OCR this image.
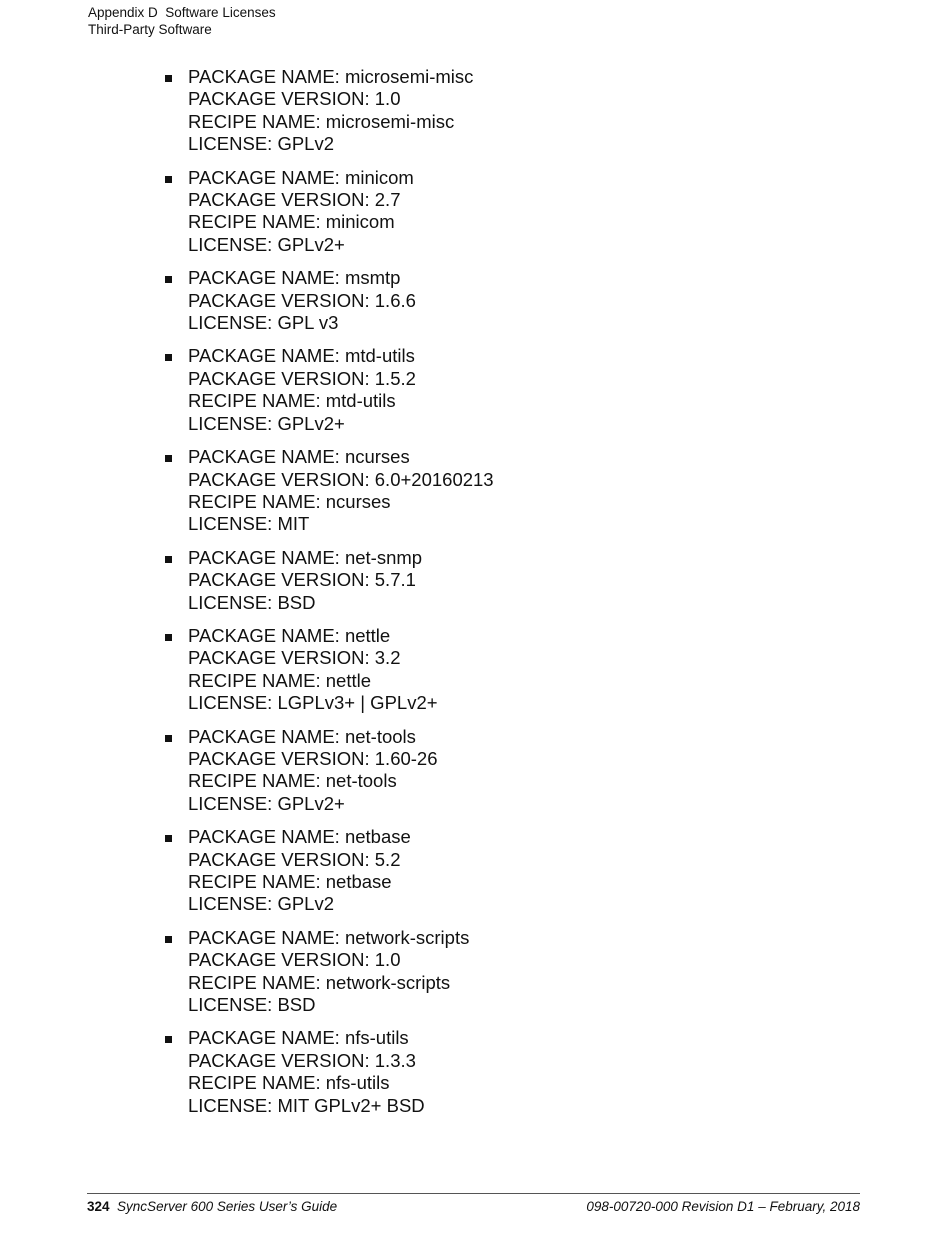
Appendix D  Software Licenses
Third-Party Software
PACKAGE NAME: microsemi-misc
PACKAGE VERSION: 1.0
RECIPE NAME: microsemi-misc
LICENSE: GPLv2
PACKAGE NAME: minicom
PACKAGE VERSION: 2.7
RECIPE NAME: minicom
LICENSE: GPLv2+
PACKAGE NAME: msmtp
PACKAGE VERSION: 1.6.6
LICENSE: GPL v3
PACKAGE NAME: mtd-utils
PACKAGE VERSION: 1.5.2
RECIPE NAME: mtd-utils
LICENSE: GPLv2+
PACKAGE NAME: ncurses
PACKAGE VERSION: 6.0+20160213
RECIPE NAME: ncurses
LICENSE: MIT
PACKAGE NAME: net-snmp
PACKAGE VERSION: 5.7.1
LICENSE: BSD
PACKAGE NAME: nettle
PACKAGE VERSION: 3.2
RECIPE NAME: nettle
LICENSE: LGPLv3+ | GPLv2+
PACKAGE NAME: net-tools
PACKAGE VERSION: 1.60-26
RECIPE NAME: net-tools
LICENSE: GPLv2+
PACKAGE NAME: netbase
PACKAGE VERSION: 5.2
RECIPE NAME: netbase
LICENSE: GPLv2
PACKAGE NAME: network-scripts
PACKAGE VERSION: 1.0
RECIPE NAME: network-scripts
LICENSE: BSD
PACKAGE NAME: nfs-utils
PACKAGE VERSION: 1.3.3
RECIPE NAME: nfs-utils
LICENSE: MIT GPLv2+ BSD
324 SyncServer 600 Series User’s Guide	098-00720-000 Revision D1 – February, 2018
